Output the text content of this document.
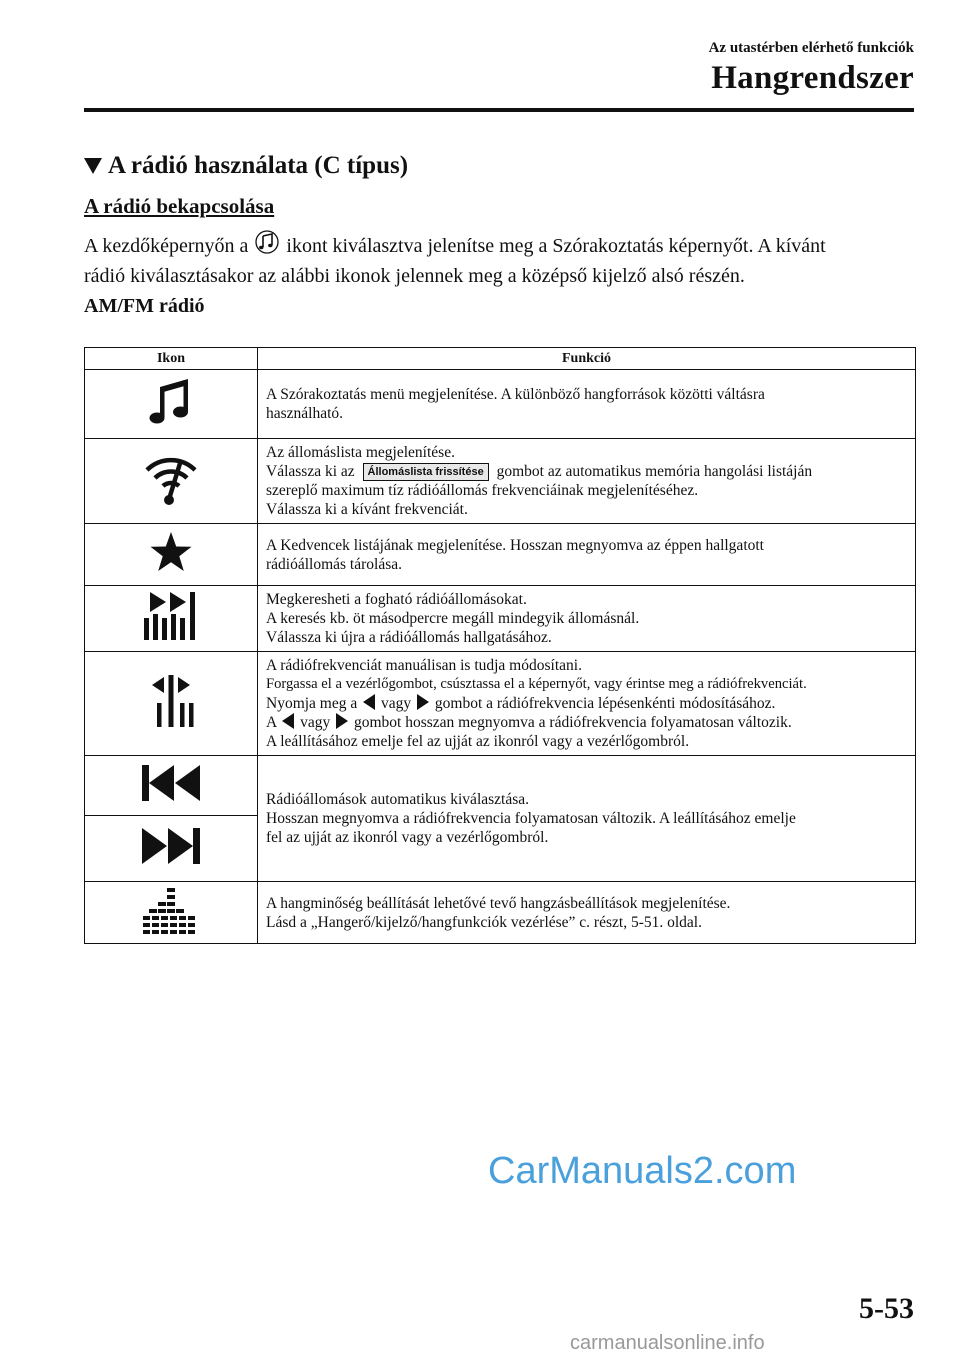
Az utastérben elérhető funkciók
Hangrendszer
A rádió használata (C típus)
A rádió bekapcsolása

A kezdőképernyőn a  ikont kiválasztva jelenítse meg a Szórakoztatás képernyőt. A kívánt
rádió kiválasztásakor az alábbi ikonok jelennek meg a középső kijelző alsó részén.

AM/FM rádió
Ikon	Funkció

A Szórakoztatás menü megjelenítése. A különböző hangforrások közötti váltásra
használható.

Az állomáslista megjelenítése.
Válassza ki az Állomáslista frissítése gombot az automatikus memória hangolási listáján
szereplő maximum tíz rádióállomás frekvenciáinak megjelenítéséhez.
Válassza ki a kívánt frekvenciát.

A Kedvencek listájának megjelenítése. Hosszan megnyomva az éppen hallgatott
rádióállomás tárolása.

Megkeresheti a fogható rádióállomásokat.
A keresés kb. öt másodpercre megáll mindegyik állomásnál.
Válassza ki újra a rádióállomás hallgatásához.

A rádiófrekvenciát manuálisan is tudja módosítani.
Forgassa el a vezérlőgombot, csúsztassa el a képernyőt, vagy érintse meg a rádiófrekvenciát.
Nyomja meg a  vagy  gombot a rádiófrekvencia lépésenkénti módosításához.
A  vagy  gombot hosszan megnyomva a rádiófrekvencia folyamatosan változik.
A leállításához emelje fel az ujját az ikonról vagy a vezérlőgombról.

Rádióállomások automatikus kiválasztása.
Hosszan megnyomva a rádiófrekvencia folyamatosan változik. A leállításához emelje
fel az ujját az ikonról vagy a vezérlőgombról.

A hangminőség beállítását lehetővé tevő hangzásbeállítások megjelenítése.
Lásd a „Hangerő/kijelző/hangfunkciók vezérlése” c. részt, 5-51. oldal.
CarManuals2.com
5-53
carmanualsonline.info
